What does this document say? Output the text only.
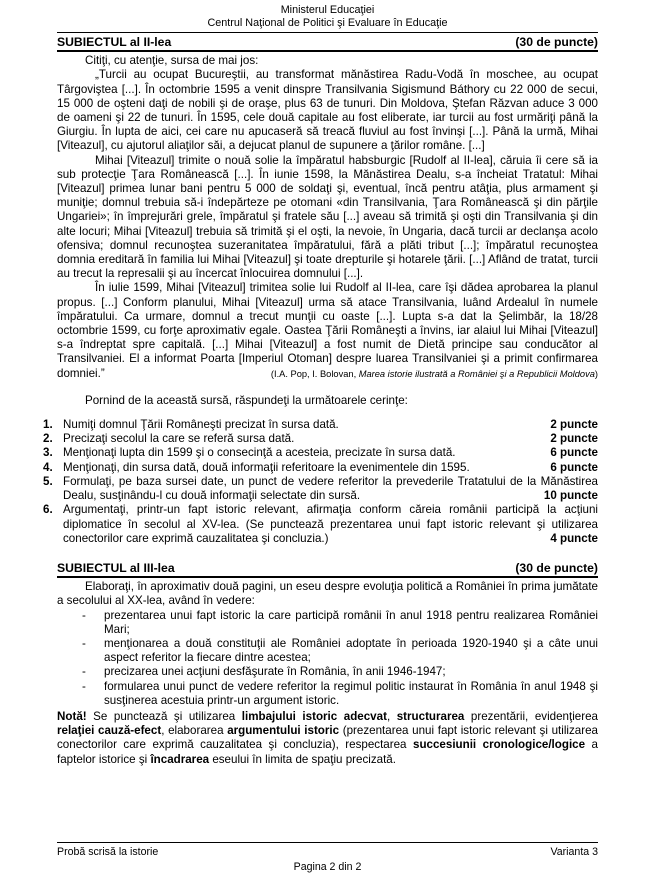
Ministerul Educaţiei
Centrul Naţional de Politici şi Evaluare în Educaţie
SUBIECTUL al II-lea	(30 de puncte)

Citiţi, cu atenţie, sursa de mai jos:

„Turcii au ocupat Bucureştii, au transformat mănăstirea Radu-Vodă în moschee, au ocupat Târgoviştea [...]. În octombrie 1595 a venit dinspre Transilvania Sigismund Báthory cu 22 000 de secui, 15 000 de oşteni daţi de nobili şi de oraşe, plus 63 de tunuri. Din Moldova, Ştefan Răzvan aduce 3 000 de oameni şi 22 de tunuri. În 1595, cele două capitale au fost eliberate, iar turcii au fost urmăriţi până la Giurgiu. În lupta de aici, cei care nu apucaseră să treacă fluviul au fost învinşi [...]. Până la urmă, Mihai [Viteazul], cu ajutorul aliaţilor săi, a dejucat planul de supunere a ţărilor române. [...]

Mihai [Viteazul] trimite o nouă solie la împăratul habsburgic [Rudolf al II-lea], căruia îi cere să ia sub protecţie Ţara Românească [...]. În iunie 1598, la Mănăstirea Dealu, s-a încheiat Tratatul: Mihai [Viteazul] primea lunar bani pentru 5 000 de soldaţi şi, eventual, încă pentru atâţia, plus armament şi muniţie; domnul trebuia să-i îndepărteze pe otomani «din Transilvania, Ţara Românească şi din părţile Ungariei»; în împrejurări grele, împăratul şi fratele său [...] aveau să trimită şi oşti din Transilvania şi din alte locuri; Mihai [Viteazul] trebuia să trimită şi el oşti, la nevoie, în Ungaria, dacă turcii ar declanşa acolo ofensiva; domnul recunoştea suzeranitatea împăratului, fără a plăti tribut [...]; împăratul recunoştea domnia ereditară în familia lui Mihai [Viteazul] şi toate drepturile şi hotarele ţării. [...] Aflând de tratat, turcii au trecut la represalii şi au încercat înlocuirea domnului [...].

În iulie 1599, Mihai [Viteazul] trimitea solie lui Rudolf al II-lea, care îşi dădea aprobarea la planul propus. [...] Conform planului, Mihai [Viteazul] urma să atace Transilvania, luând Ardealul în numele împăratului. Ca urmare, domnul a trecut munţii cu oaste [...]. Lupta s-a dat la Şelimbăr, la 18/28 octombrie 1599, cu forţe aproximativ egale. Oastea Ţării Româneşti a învins, iar alaiul lui Mihai [Viteazul] s-a îndreptat spre capitală. [...] Mihai [Viteazul] a fost numit de Dietă principe sau conducător al Transilvaniei. El a informat Poarta [Imperiul Otoman] despre luarea Transilvaniei şi a primit confirmarea domniei.”	(I.A. Pop, I. Bolovan, Marea istorie ilustrată a României şi a Republicii Moldova)

Pornind de la această sursă, răspundeţi la următoarele cerinţe:

1. Numiţi domnul Ţării Româneşti precizat în sursa dată.	2 puncte
2. Precizaţi secolul la care se referă sursa dată.	2 puncte
3. Menţionaţi lupta din 1599 şi o consecinţă a acesteia, precizate în sursa dată.	6 puncte
4. Menţionaţi, din sursa dată, două informaţii referitoare la evenimentele din 1595.	6 puncte
5. Formulaţi, pe baza sursei date, un punct de vedere referitor la prevederile Tratatului de la Mănăstirea Dealu, susţinându-l cu două informaţii selectate din sursă.	10 puncte
6. Argumentaţi, printr-un fapt istoric relevant, afirmaţia conform căreia românii participă la acţiuni diplomatice în secolul al XV-lea. (Se punctează prezentarea unui fapt istoric relevant şi utilizarea conectorilor care exprimă cauzalitatea şi concluzia.)	4 puncte
SUBIECTUL al III-lea	(30 de puncte)

Elaboraţi, în aproximativ două pagini, un eseu despre evoluţia politică a României în prima jumătate a secolului al XX-lea, având în vedere:

-	prezentarea unui fapt istoric la care participă românii în anul 1918 pentru realizarea României Mari;
-	menţionarea a două constituţii ale României adoptate în perioada 1920-1940 şi a câte unui aspect referitor la fiecare dintre acestea;
-	precizarea unei acţiuni desfăşurate în România, în anii 1946-1947;
-	formularea unui punct de vedere referitor la regimul politic instaurat în România în anul 1948 şi susţinerea acestuia printr-un argument istoric.

Notă! Se punctează şi utilizarea limbajului istoric adecvat, structurarea prezentării, evidenţierea relaţiei cauză-efect, elaborarea argumentului istoric (prezentarea unui fapt istoric relevant şi utilizarea conectorilor care exprimă cauzalitatea şi concluzia), respectarea succesiunii cronologice/logice a faptelor istorice şi încadrarea eseului în limita de spaţiu precizată.

Probă scrisă la istorie	Varianta 3
Pagina 2 din 2
